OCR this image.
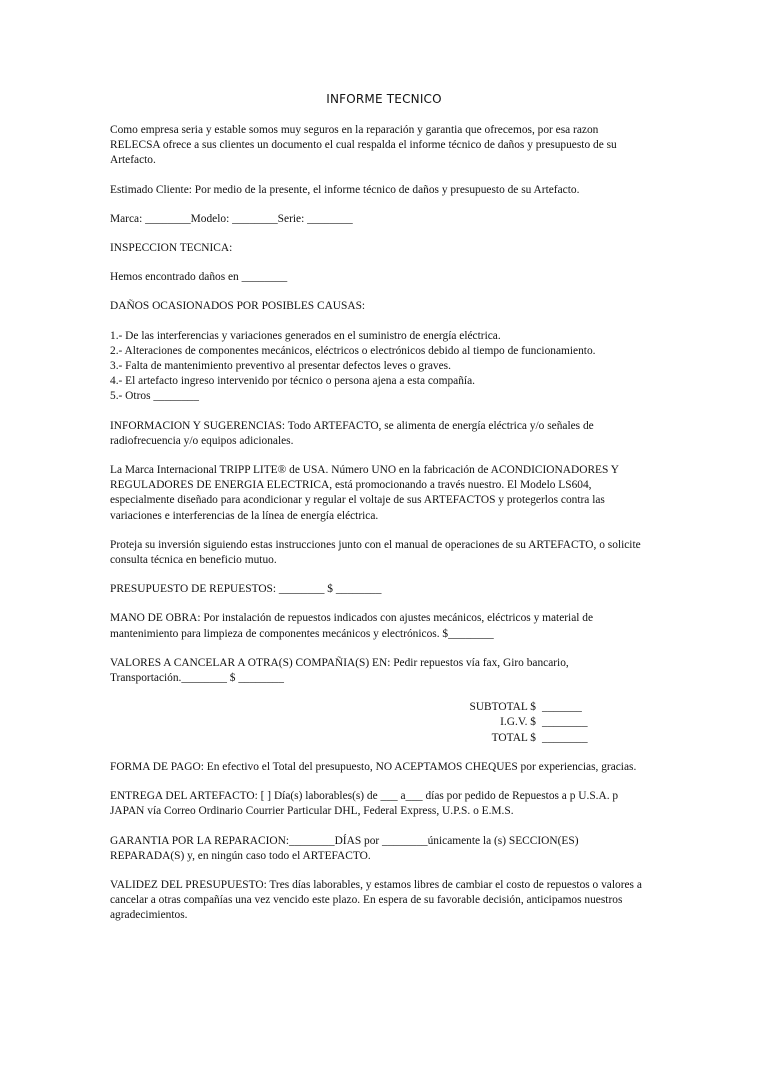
INFORME TECNICO
Como empresa seria y estable somos muy seguros en la reparación y garantia que ofrecemos, por esa razon
RELECSA ofrece a sus clientes un documento el cual respalda el informe técnico de daños y presupuesto de su
Artefacto.
Estimado Cliente: Por medio de la presente, el informe técnico de daños y presupuesto de su Artefacto.
Marca: ________Modelo: ________Serie: ________
INSPECCION TECNICA:
Hemos encontrado daños en ________
DAÑOS OCASIONADOS POR POSIBLES CAUSAS:
1.- De las interferencias y variaciones generados en el suministro de energía eléctrica.
2.- Alteraciones de componentes mecánicos, eléctricos o electrónicos debido al tiempo de funcionamiento.
3.- Falta de mantenimiento preventivo al presentar defectos leves o graves.
4.- El artefacto ingreso intervenido por técnico o persona ajena a esta compañía.
5.- Otros ________
INFORMACION Y SUGERENCIAS: Todo ARTEFACTO, se alimenta de energía eléctrica y/o señales de
radiofrecuencia y/o equipos adicionales.
La Marca Internacional TRIPP LITE® de USA. Número UNO en la fabricación de ACONDICIONADORES Y
REGULADORES DE ENERGIA ELECTRICA, está promocionando a través nuestro. El Modelo LS604,
especialmente diseñado para acondicionar y regular el voltaje de sus ARTEFACTOS y protegerlos contra las
variaciones e interferencias de la línea de energía eléctrica.
Proteja su inversión siguiendo estas instrucciones junto con el manual de operaciones de su ARTEFACTO, o solicite
consulta técnica en beneficio mutuo.
PRESUPUESTO DE REPUESTOS: ________ $ ________
MANO DE OBRA: Por instalación de repuestos indicados con ajustes mecánicos, eléctricos y material de
mantenimiento para limpieza de componentes mecánicos y electrónicos. $________
VALORES A CANCELAR A OTRA(S) COMPAÑIA(S) EN: Pedir repuestos vía fax, Giro bancario,
Transportación.________ $ ________
SUBTOTAL $ _______
I.G.V. $ ________
TOTAL $ ________
FORMA DE PAGO: En efectivo el Total del presupuesto, NO ACEPTAMOS CHEQUES por experiencias, gracias.
ENTREGA DEL ARTEFACTO: [ ] Día(s) laborables(s) de ___ a___ días por pedido de Repuestos a p U.S.A. p
JAPAN vía Correo Ordinario Courrier Particular DHL, Federal Express, U.P.S. o E.M.S.
GARANTIA POR LA REPARACION:________DÍAS por ________únicamente la (s) SECCION(ES)
REPARADA(S) y, en ningún caso todo el ARTEFACTO.
VALIDEZ DEL PRESUPUESTO: Tres días laborables, y estamos libres de cambiar el costo de repuestos o valores a
cancelar a otras compañías una vez vencido este plazo. En espera de su favorable decisión, anticipamos nuestros
agradecimientos.
